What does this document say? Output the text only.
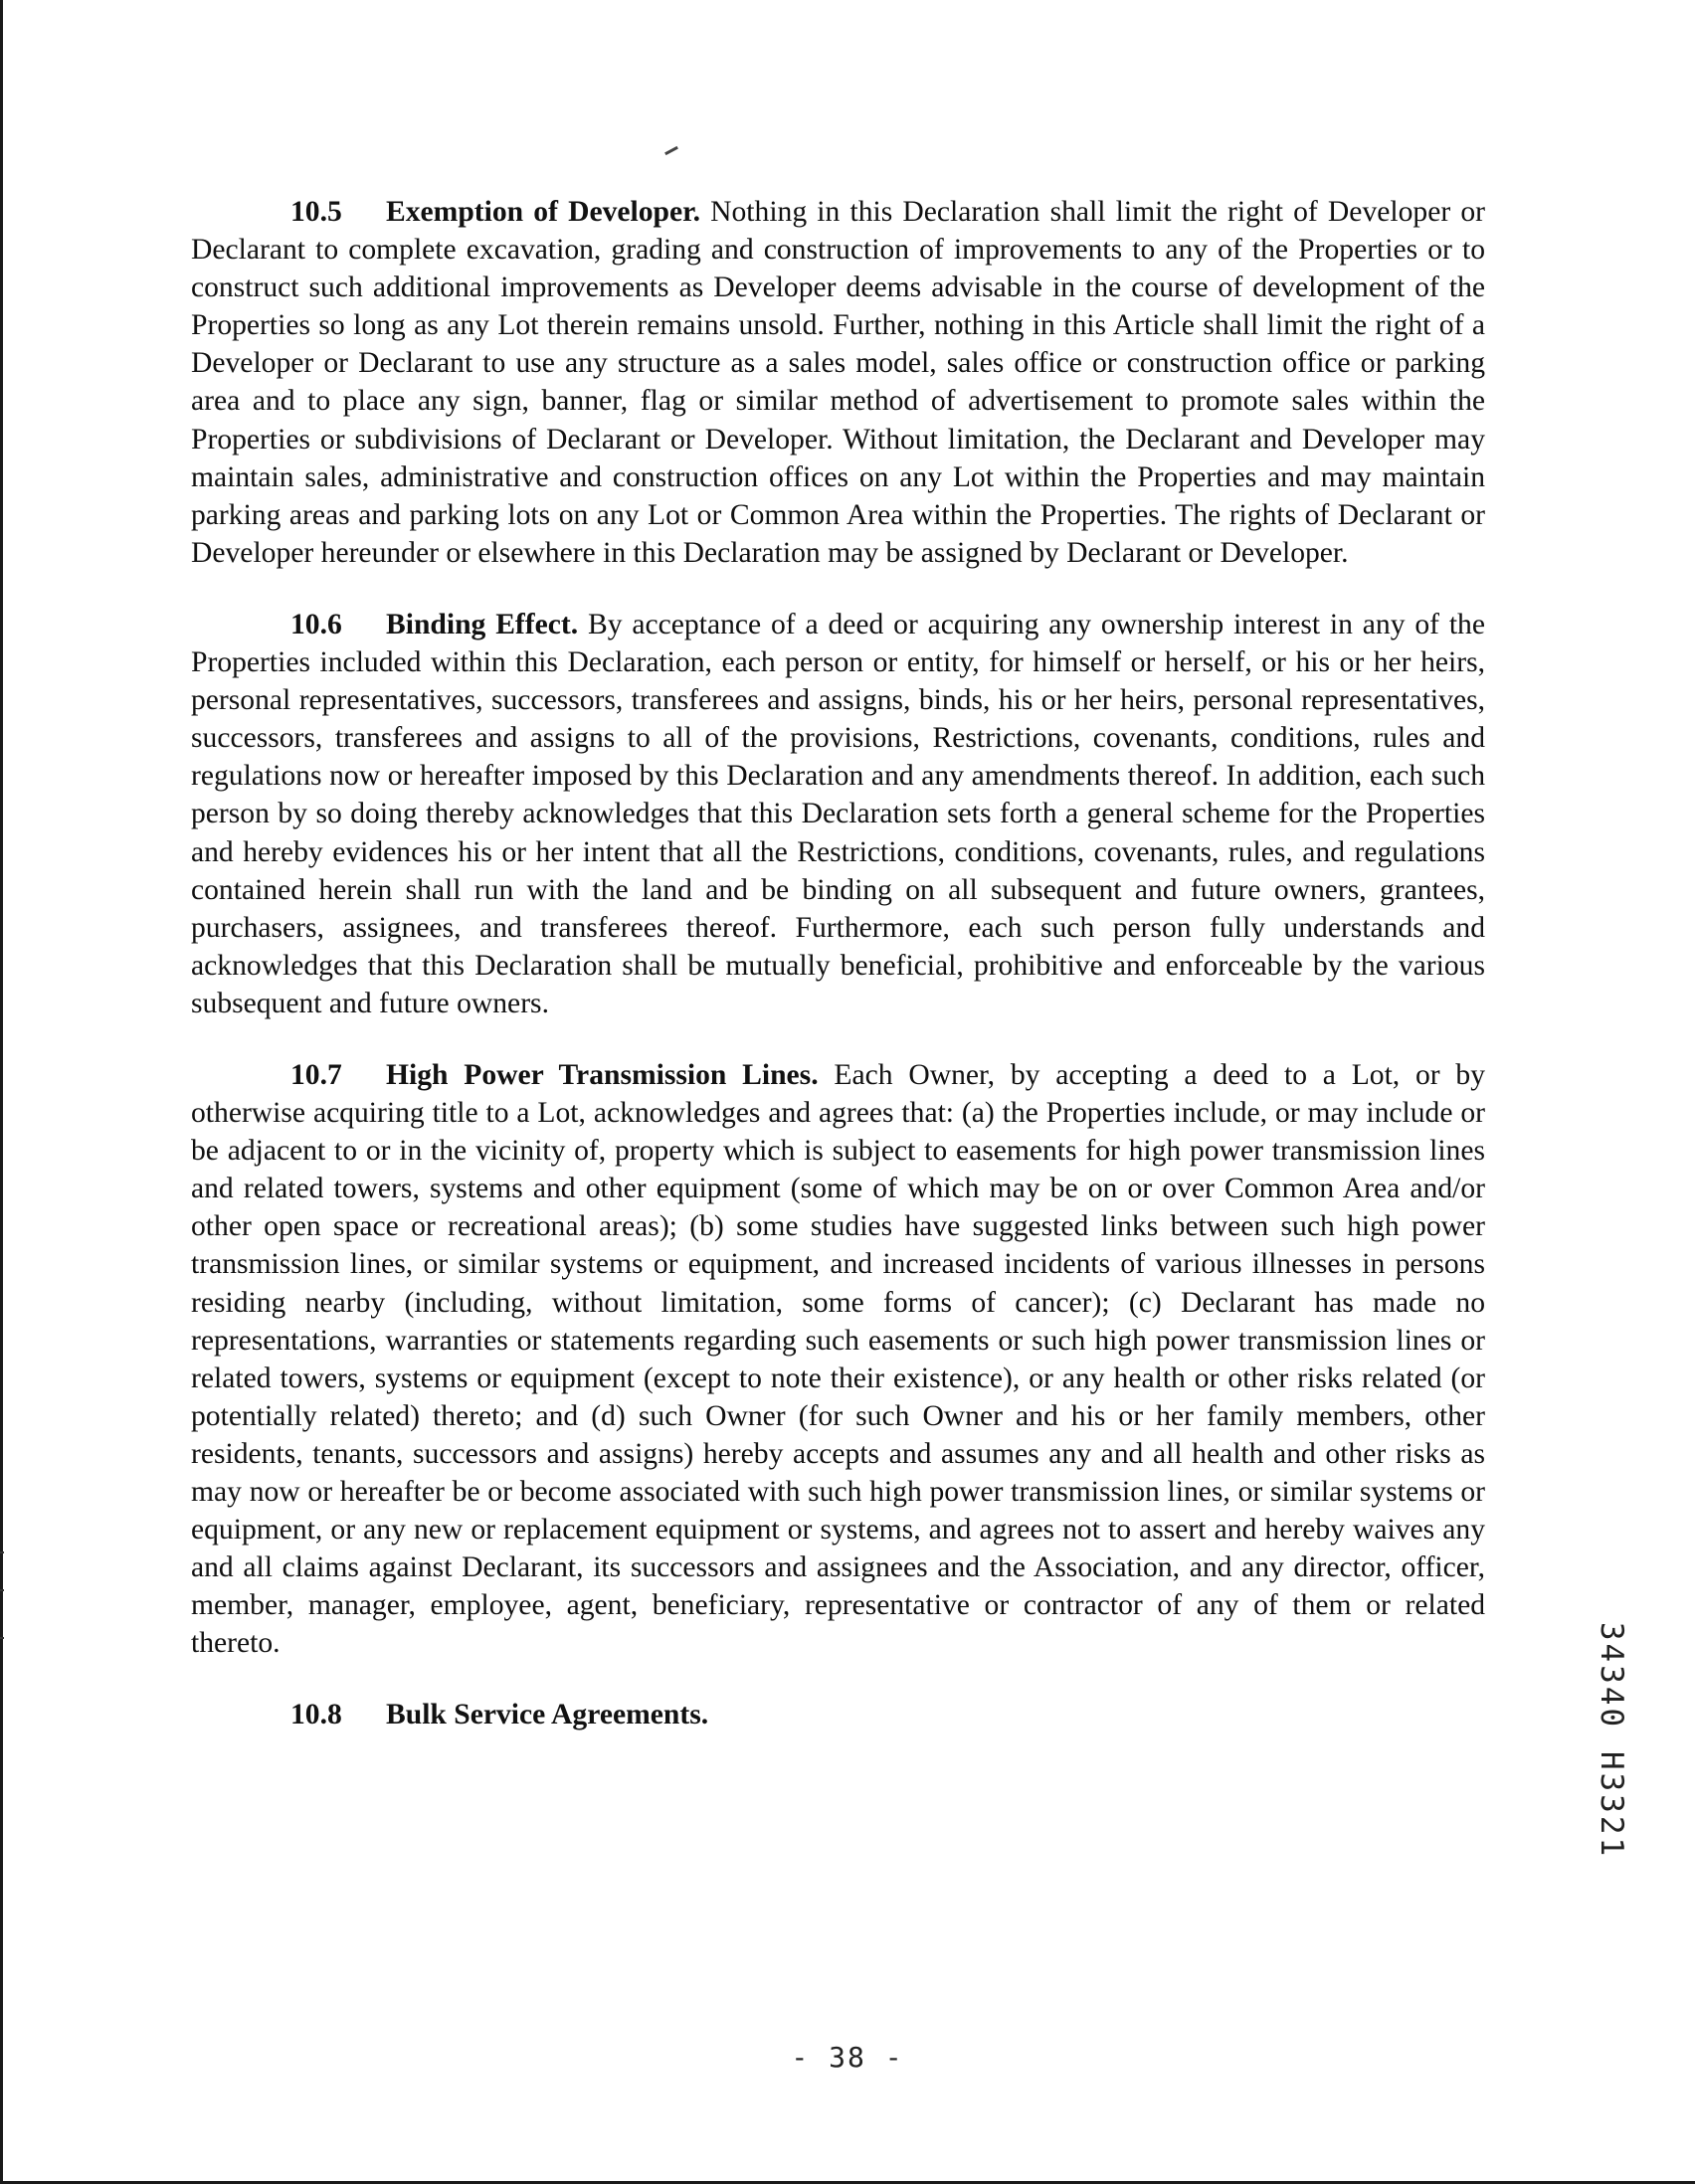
10.5 Exemption of Developer. Nothing in this Declaration shall limit the right of Developer or Declarant to complete excavation, grading and construction of improvements to any of the Properties or to construct such additional improvements as Developer deems advisable in the course of development of the Properties so long as any Lot therein remains unsold. Further, nothing in this Article shall limit the right of a Developer or Declarant to use any structure as a sales model, sales office or construction office or parking area and to place any sign, banner, flag or similar method of advertisement to promote sales within the Properties or subdivisions of Declarant or Developer. Without limitation, the Declarant and Developer may maintain sales, administrative and construction offices on any Lot within the Properties and may maintain parking areas and parking lots on any Lot or Common Area within the Properties. The rights of Declarant or Developer hereunder or elsewhere in this Declaration may be assigned by Declarant or Developer.

10.6 Binding Effect. By acceptance of a deed or acquiring any ownership interest in any of the Properties included within this Declaration, each person or entity, for himself or herself, or his or her heirs, personal representatives, successors, transferees and assigns, binds, his or her heirs, personal representatives, successors, transferees and assigns to all of the provisions, Restrictions, covenants, conditions, rules and regulations now or hereafter imposed by this Declaration and any amendments thereof. In addition, each such person by so doing thereby acknowledges that this Declaration sets forth a general scheme for the Properties and hereby evidences his or her intent that all the Restrictions, conditions, covenants, rules, and regulations contained herein shall run with the land and be binding on all subsequent and future owners, grantees, purchasers, assignees, and transferees thereof. Furthermore, each such person fully understands and acknowledges that this Declaration shall be mutually beneficial, prohibitive and enforceable by the various subsequent and future owners.

10.7 High Power Transmission Lines. Each Owner, by accepting a deed to a Lot, or by otherwise acquiring title to a Lot, acknowledges and agrees that: (a) the Properties include, or may include or be adjacent to or in the vicinity of, property which is subject to easements for high power transmission lines and related towers, systems and other equipment (some of which may be on or over Common Area and/or other open space or recreational areas); (b) some studies have suggested links between such high power transmission lines, or similar systems or equipment, and increased incidents of various illnesses in persons residing nearby (including, without limitation, some forms of cancer); (c) Declarant has made no representations, warranties or statements regarding such easements or such high power transmission lines or related towers, systems or equipment (except to note their existence), or any health or other risks related (or potentially related) thereto; and (d) such Owner (for such Owner and his or her family members, other residents, tenants, successors and assigns) hereby accepts and assumes any and all health and other risks as may now or hereafter be or become associated with such high power transmission lines, or similar systems or equipment, or any new or replacement equipment or systems, and agrees not to assert and hereby waives any and all claims against Declarant, its successors and assignees and the Association, and any director, officer, member, manager, employee, agent, beneficiary, representative or contractor of any of them or related thereto.

10.8 Bulk Service Agreements.	34340 H3321
- 38 -
